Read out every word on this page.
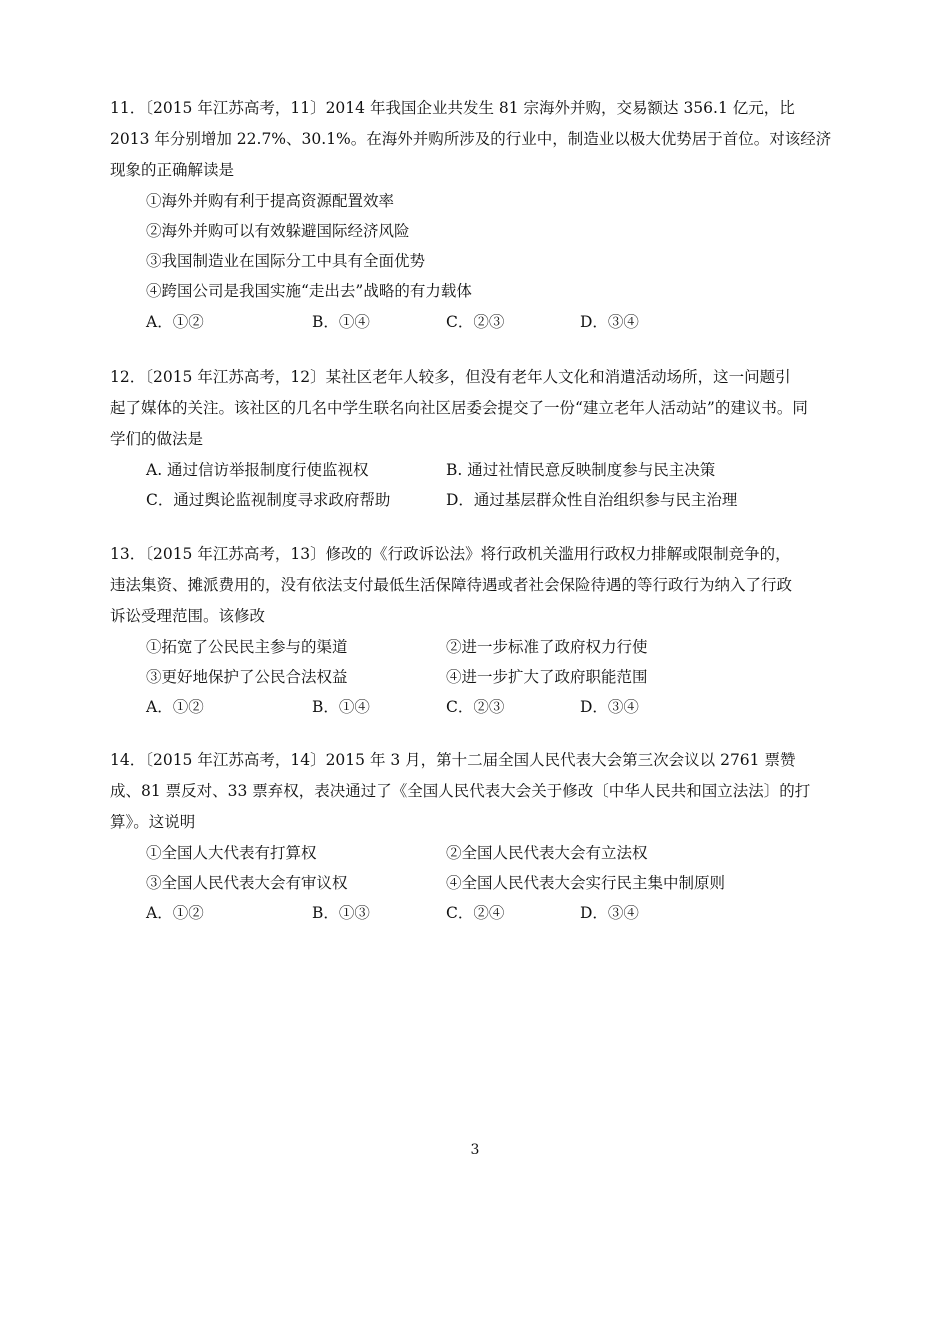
11．〔2015 年江苏高考，11〕2014 年我国企业共发生 81 宗海外并购，交易额达 356.1 亿元，比
2013 年分别增加 22.7%、30.1%。在海外并购所涉及的行业中，制造业以极大优势居于首位。对该经济
现象的正确解读是
①海外并购有利于提高资源配置效率
②海外并购可以有效躲避国际经济风险
③我国制造业在国际分工中具有全面优势
④跨国公司是我国实施“走出去”战略的有力载体
A．①②	B．①④	C．②③	D．③④
12．〔2015 年江苏高考，12〕某社区老年人较多，但没有老年人文化和消遣活动场所，这一问题引
起了媒体的关注。该社区的几名中学生联名向社区居委会提交了一份“建立老年人活动站”的建议书。同
学们的做法是
A. 通过信访举报制度行使监视权	B. 通过社情民意反映制度参与民主决策
C．通过舆论监视制度寻求政府帮助	D．通过基层群众性自治组织参与民主治理
13．〔2015 年江苏高考，13〕修改的《行政诉讼法》将行政机关滥用行政权力排解或限制竞争的，
违法集资、摊派费用的，没有依法支付最低生活保障待遇或者社会保险待遇的等行政行为纳入了行政
诉讼受理范围。该修改
①拓宽了公民民主参与的渠道	②进一步标准了政府权力行使
③更好地保护了公民合法权益	④进一步扩大了政府职能范围
A．①②	B．①④	C．②③	D．③④
14．〔2015 年江苏高考，14〕2015 年 3 月，第十二届全国人民代表大会第三次会议以 2761 票赞
成、81 票反对、33 票弃权，表决通过了《全国人民代表大会关于修改〔中华人民共和国立法法〕的打
算》。这说明
①全国人大代表有打算权	②全国人民代表大会有立法权
③全国人民代表大会有审议权	④全国人民代表大会实行民主集中制原则
A．①②	B．①③	C．②④	D．③④
3
